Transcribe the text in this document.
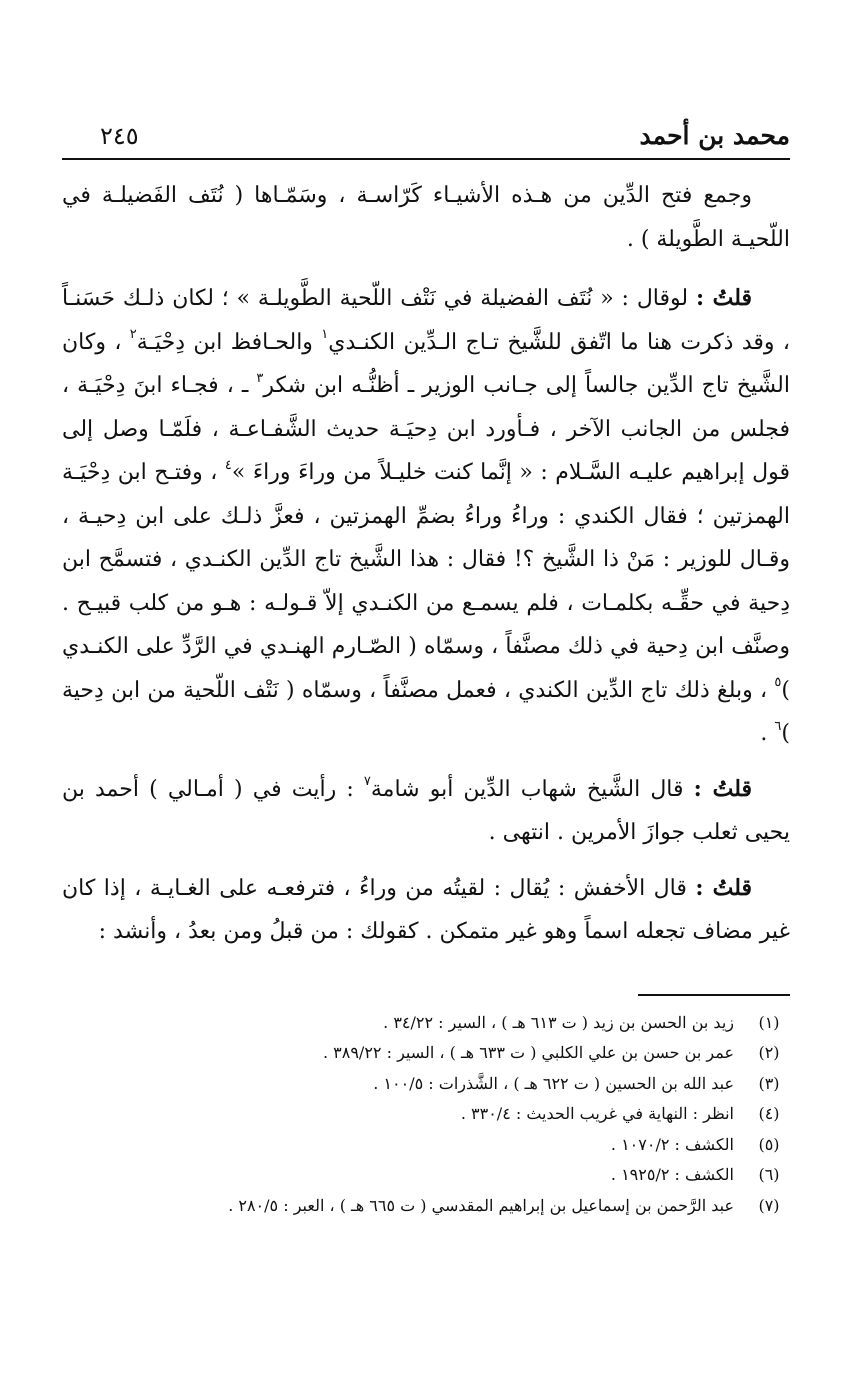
محمد بن أحمد
٢٤٥

وجمع فتح الدِّين من هـذه الأشيـاء كَرّاسـة ، وسَمّـاها ( نُتَف الفَضيلـة في اللّحيـة الطَّويلة ) .

قلتُ : لوقال : « نُتَف الفضيلة في نَتْف اللّحية الطَّويلـة » ؛ لكان ذلـك حَسَنـاً ، وقد ذكرت هنا ما اتّفق للشَّيخ تـاج الـدِّين الكنـدي$^١$ والحـافظ ابن دِحْيَـة$^٢$ ، وكان الشَّيخ تاج الدِّين جالساً إلى جـانب الوزير ـ أظنُّـه ابن شكر$^٣$ ـ ، فجـاء ابنَ دِحْيَـة ، فجلس من الجانب الآخر ، فـأورد ابن دِحيَـة حديث الشَّفـاعـة ، فلَمّـا وصل إلى قول إبراهيم عليـه السَّـلام : « إنَّما كنت خليـلاً من وراءَ وراءَ »$^٤$ ، وفتـح ابن دِحْيَـة الهمزتين ؛ فقال الكندي : وراءُ وراءُ بضمِّ الهمزتين ، فعزَّ ذلـك على ابن دِحيـة ، وقـال للوزير : مَنْ ذا الشَّيخ ؟! فقال : هذا الشَّيخ تاج الدِّين الكنـدي ، فتسمَّح ابن دِحية في حقِّـه بكلمـات ، فلم يسمـع من الكنـدي إلاّ قـولـه : هـو من كلب قبيـح . وصنَّف ابن دِحية في ذلك مصنَّفاً ، وسمّاه ( الصّـارم الهنـدي في الرَّدِّ على الكنـدي )$^٥$ ، وبلغ ذلك تاج الدِّين الكندي ، فعمل مصنَّفاً ، وسمّاه ( نَتْف اللّحية من ابن دِحية )$^٦$ .

قلتُ : قال الشَّيخ شهاب الدِّين أبو شامة$^٧$ : رأيت في ( أمـالي ) أحمد بن يحيى ثعلب جوازَ الأمرين . انتهى .

قلتُ : قال الأخفش : يُقال : لقيتُه من وراءُ ، فترفعـه على الغـايـة ، إذا كان غير مضاف تجعله اسماً وهو غير متمكن . كقولك : من قبلُ ومن بعدُ ، وأنشد :

(١)
زيد بن الحسن بن زيد ( ت ٦١٣ هـ ) ، السير : ٣٤/٢٢ .
(٢)
عمر بن حسن بن علي الكلبي ( ت ٦٣٣ هـ ) ، السير : ٣٨٩/٢٢ .
(٣)
عبد الله بن الحسين ( ت ٦٢٢ هـ ) ، الشَّذرات : ١٠٠/٥ .
(٤)
انظر : النهاية في غريب الحديث : ٣٣٠/٤ .
(٥)
الكشف : ١٠٧٠/٢ .
(٦)
الكشف : ١٩٢٥/٢ .
(٧)
عبد الرَّحمن بن إسماعيل بن إبراهيم المقدسي ( ت ٦٦٥ هـ ) ، العبر : ٢٨٠/٥ .
